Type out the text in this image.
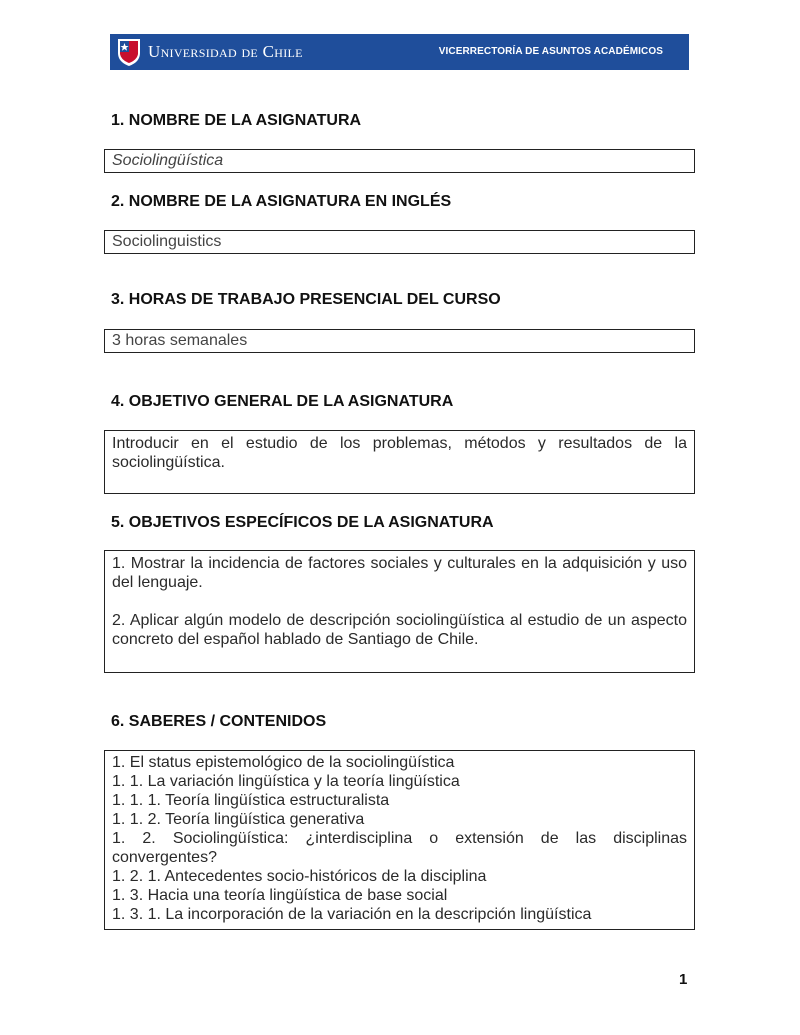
Universidad de Chile	VICERRECTORÍA DE ASUNTOS ACADÉMICOS
1. NOMBRE DE LA ASIGNATURA
Sociolingüística
2. NOMBRE DE LA ASIGNATURA EN INGLÉS
Sociolinguistics
3. HORAS DE TRABAJO PRESENCIAL DEL CURSO
3 horas semanales
4. OBJETIVO GENERAL DE LA ASIGNATURA
Introducir en el estudio de los problemas, métodos y resultados de la sociolingüística.
5. OBJETIVOS ESPECÍFICOS DE LA ASIGNATURA
1. Mostrar la incidencia de factores sociales y culturales en la adquisición y uso del lenguaje.
2. Aplicar algún modelo de descripción sociolingüística al estudio de un aspecto concreto del español hablado de Santiago de Chile.
6. SABERES / CONTENIDOS
1. El status epistemológico de la sociolingüística
1. 1. La variación lingüística y la teoría lingüística
1. 1. 1. Teoría lingüística estructuralista
1. 1. 2. Teoría lingüística generativa
1. 2. Sociolingüística: ¿interdisciplina o extensión de las disciplinas convergentes?
1. 2. 1. Antecedentes socio-históricos de la disciplina
1. 3. Hacia una teoría lingüística de base social
1. 3. 1. La incorporación de la variación en la descripción lingüística
1
